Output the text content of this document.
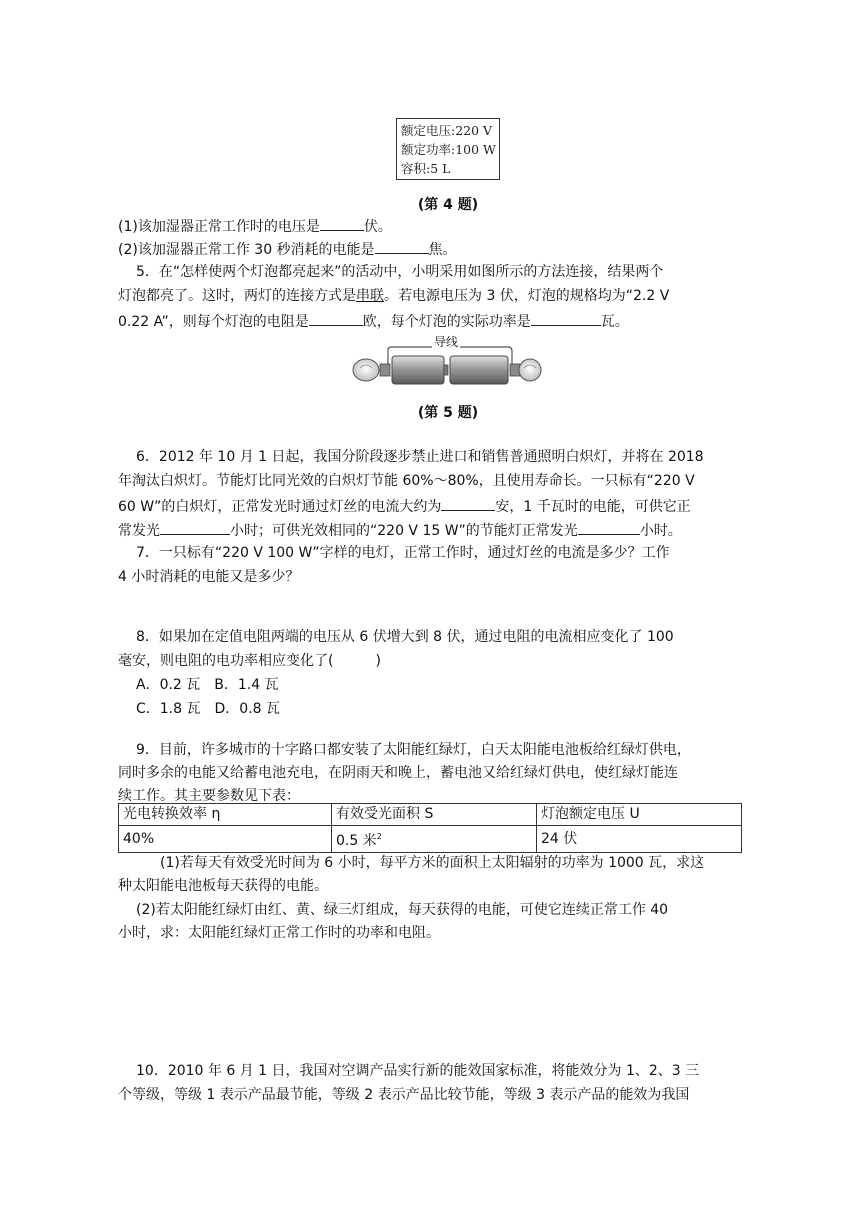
额定电压:220 V
额定功率:100 W
容积:5 L
(第 4 题)
(1)该加湿器正常工作时的电压是	伏。
(2)该加湿器正常工作 30 秒消耗的电能是	焦。
5．在“怎样使两个灯泡都亮起来”的活动中，小明采用如图所示的方法连接，结果两个
灯泡都亮了。这时，两灯的连接方式是串联。若电源电压为 3 伏，灯泡的规格均为“2.2 V
0.22 A”，则每个灯泡的电阻是	欧，每个灯泡的实际功率是	瓦。
导线
(第 5 题)
6．2012 年 10 月 1 日起，我国分阶段逐步禁止进口和销售普通照明白炽灯，并将在 2018
年淘汰白炽灯。节能灯比同光效的白炽灯节能 60%～80%，且使用寿命长。一只标有“220 V
60 W”的白炽灯，正常发光时通过灯丝的电流大约为	安，1 千瓦时的电能，可供它正
常发光	小时；可供光效相同的“220 V 15 W”的节能灯正常发光	小时。
7．一只标有“220 V 100 W”字样的电灯，正常工作时，通过灯丝的电流是多少？工作
4 小时消耗的电能又是多少？
8．如果加在定值电阻两端的电压从 6 伏增大到 8 伏，通过电阻的电流相应变化了 100
毫安，则电阻的电功率相应变化了(　　　)
A．0.2 瓦　B．1.4 瓦
C．1.8 瓦　D．0.8 瓦
9．目前，许多城市的十字路口都安装了太阳能红绿灯，白天太阳能电池板给红绿灯供电，
同时多余的电能又给蓄电池充电，在阴雨天和晚上，蓄电池又给红绿灯供电，使红绿灯能连
续工作。其主要参数见下表：
光电转换效率 η	有效受光面积 S	灯泡额定电压 U
40%	0.5 米$^2$	24 伏
(1)若每天有效受光时间为 6 小时，每平方米的面积上太阳辐射的功率为 1000 瓦，求这
种太阳能电池板每天获得的电能。
(2)若太阳能红绿灯由红、黄、绿三灯组成，每天获得的电能，可使它连续正常工作 40
小时，求：太阳能红绿灯正常工作时的功率和电阻。
10．2010 年 6 月 1 日，我国对空调产品实行新的能效国家标准，将能效分为 1、2、3 三
个等级，等级 1 表示产品最节能，等级 2 表示产品比较节能，等级 3 表示产品的能效为我国
